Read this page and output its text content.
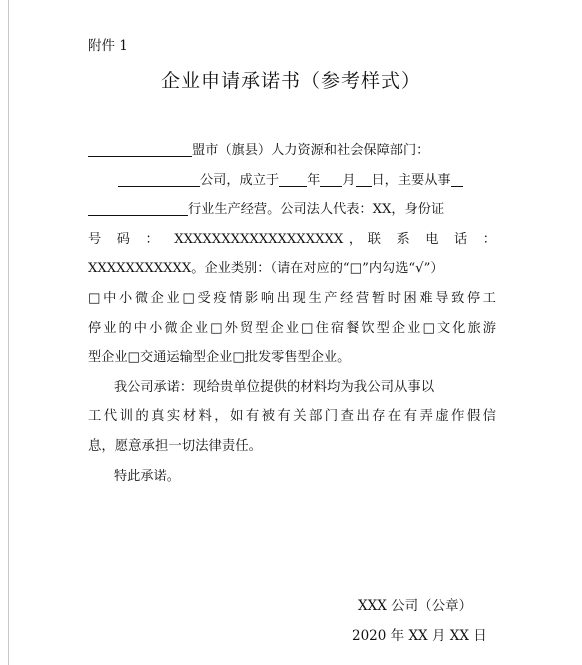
附件 1
企业申请承诺书（参考样式）
盟市（旗县）人力资源和社会保障部门：
公司，成立于 年 月 日，主要从事
行业生产经营。公司法人代表：XX，身份证
号 码 ： XXXXXXXXXXXXXXXXXX，联 系 电 话 ：
XXXXXXXXXXX。企业类别：（请在对应的“□”内勾选“√”）
□中小微企业□受疫情影响出现生产经营暂时困难导致停工
停业的中小微企业□外贸型企业□住宿餐饮型企业□文化旅游
型企业□交通运输型企业□批发零售型企业。
我公司承诺：现给贵单位提供的材料均为我公司从事以
工代训的真实材料，如有被有关部门查出存在有弄虚作假信
息，愿意承担一切法律责任。
特此承诺。
XXX 公司（公章）
2020 年 XX 月 XX 日
